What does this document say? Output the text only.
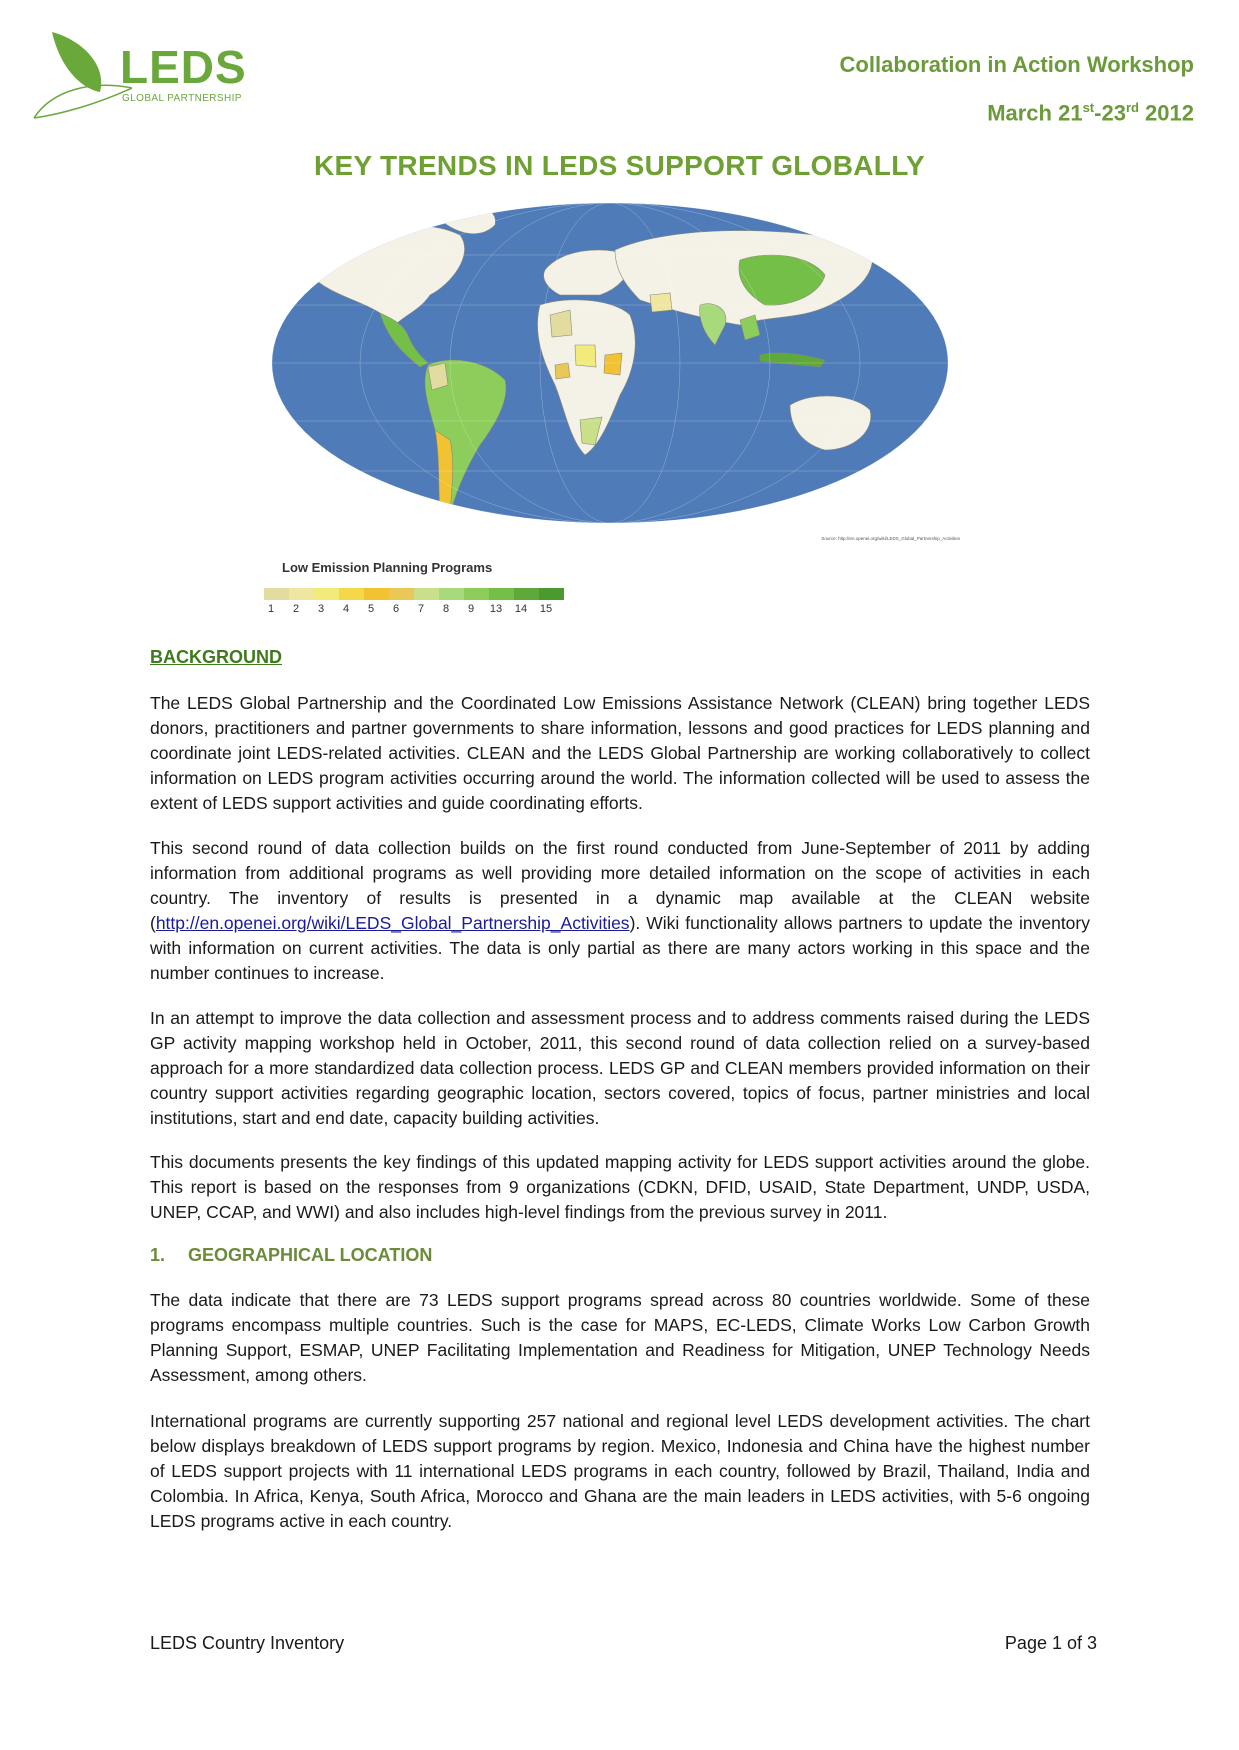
LEDS
GLOBAL PARTNERSHIP
Collaboration in Action Workshop
March 21st-23rd 2012
KEY TRENDS IN LEDS SUPPORT GLOBALLY
Source: http://en.openei.org/wiki/LEDS_Global_Partnership_Activities
Low Emission Planning Programs
1	2	3	4	5	6	7	8	9	13 14 15
BACKGROUND
The LEDS Global Partnership and the Coordinated Low Emissions Assistance Network (CLEAN) bring together LEDS donors, practitioners and partner governments to share information, lessons and good practices for LEDS planning and coordinate joint LEDS-related activities. CLEAN and the LEDS Global Partnership are working collaboratively to collect information on LEDS program activities occurring around the world. The information collected will be used to assess the extent of LEDS support activities and guide coordinating efforts.
This second round of data collection builds on the first round conducted from June-September of 2011 by adding information from additional programs as well providing more detailed information on the scope of activities in each country. The inventory of results is presented in a dynamic map available at the CLEAN website (http://en.openei.org/wiki/LEDS_Global_Partnership_Activities). Wiki functionality allows partners to update the inventory with information on current activities. The data is only partial as there are many actors working in this space and the number continues to increase.
In an attempt to improve the data collection and assessment process and to address comments raised during the LEDS GP activity mapping workshop held in October, 2011, this second round of data collection relied on a survey-based approach for a more standardized data collection process. LEDS GP and CLEAN members provided information on their country support activities regarding geographic location, sectors covered, topics of focus, partner ministries and local institutions, start and end date, capacity building activities.
This documents presents the key findings of this updated mapping activity for LEDS support activities around the globe. This report is based on the responses from 9 organizations (CDKN, DFID, USAID, State Department, UNDP, USDA, UNEP, CCAP, and WWI) and also includes high-level findings from the previous survey in 2011.
1. GEOGRAPHICAL LOCATION
The data indicate that there are 73 LEDS support programs spread across 80 countries worldwide. Some of these programs encompass multiple countries. Such is the case for MAPS, EC-LEDS, Climate Works Low Carbon Growth Planning Support, ESMAP, UNEP Facilitating Implementation and Readiness for Mitigation, UNEP Technology Needs Assessment, among others.
International programs are currently supporting 257 national and regional level LEDS development activities. The chart below displays breakdown of LEDS support programs by region. Mexico, Indonesia and China have the highest number of LEDS support projects with 11 international LEDS programs in each country, followed by Brazil, Thailand, India and Colombia. In Africa, Kenya, South Africa, Morocco and Ghana are the main leaders in LEDS activities, with 5-6 ongoing LEDS programs active in each country.
LEDS Country Inventory	Page 1 of 3
